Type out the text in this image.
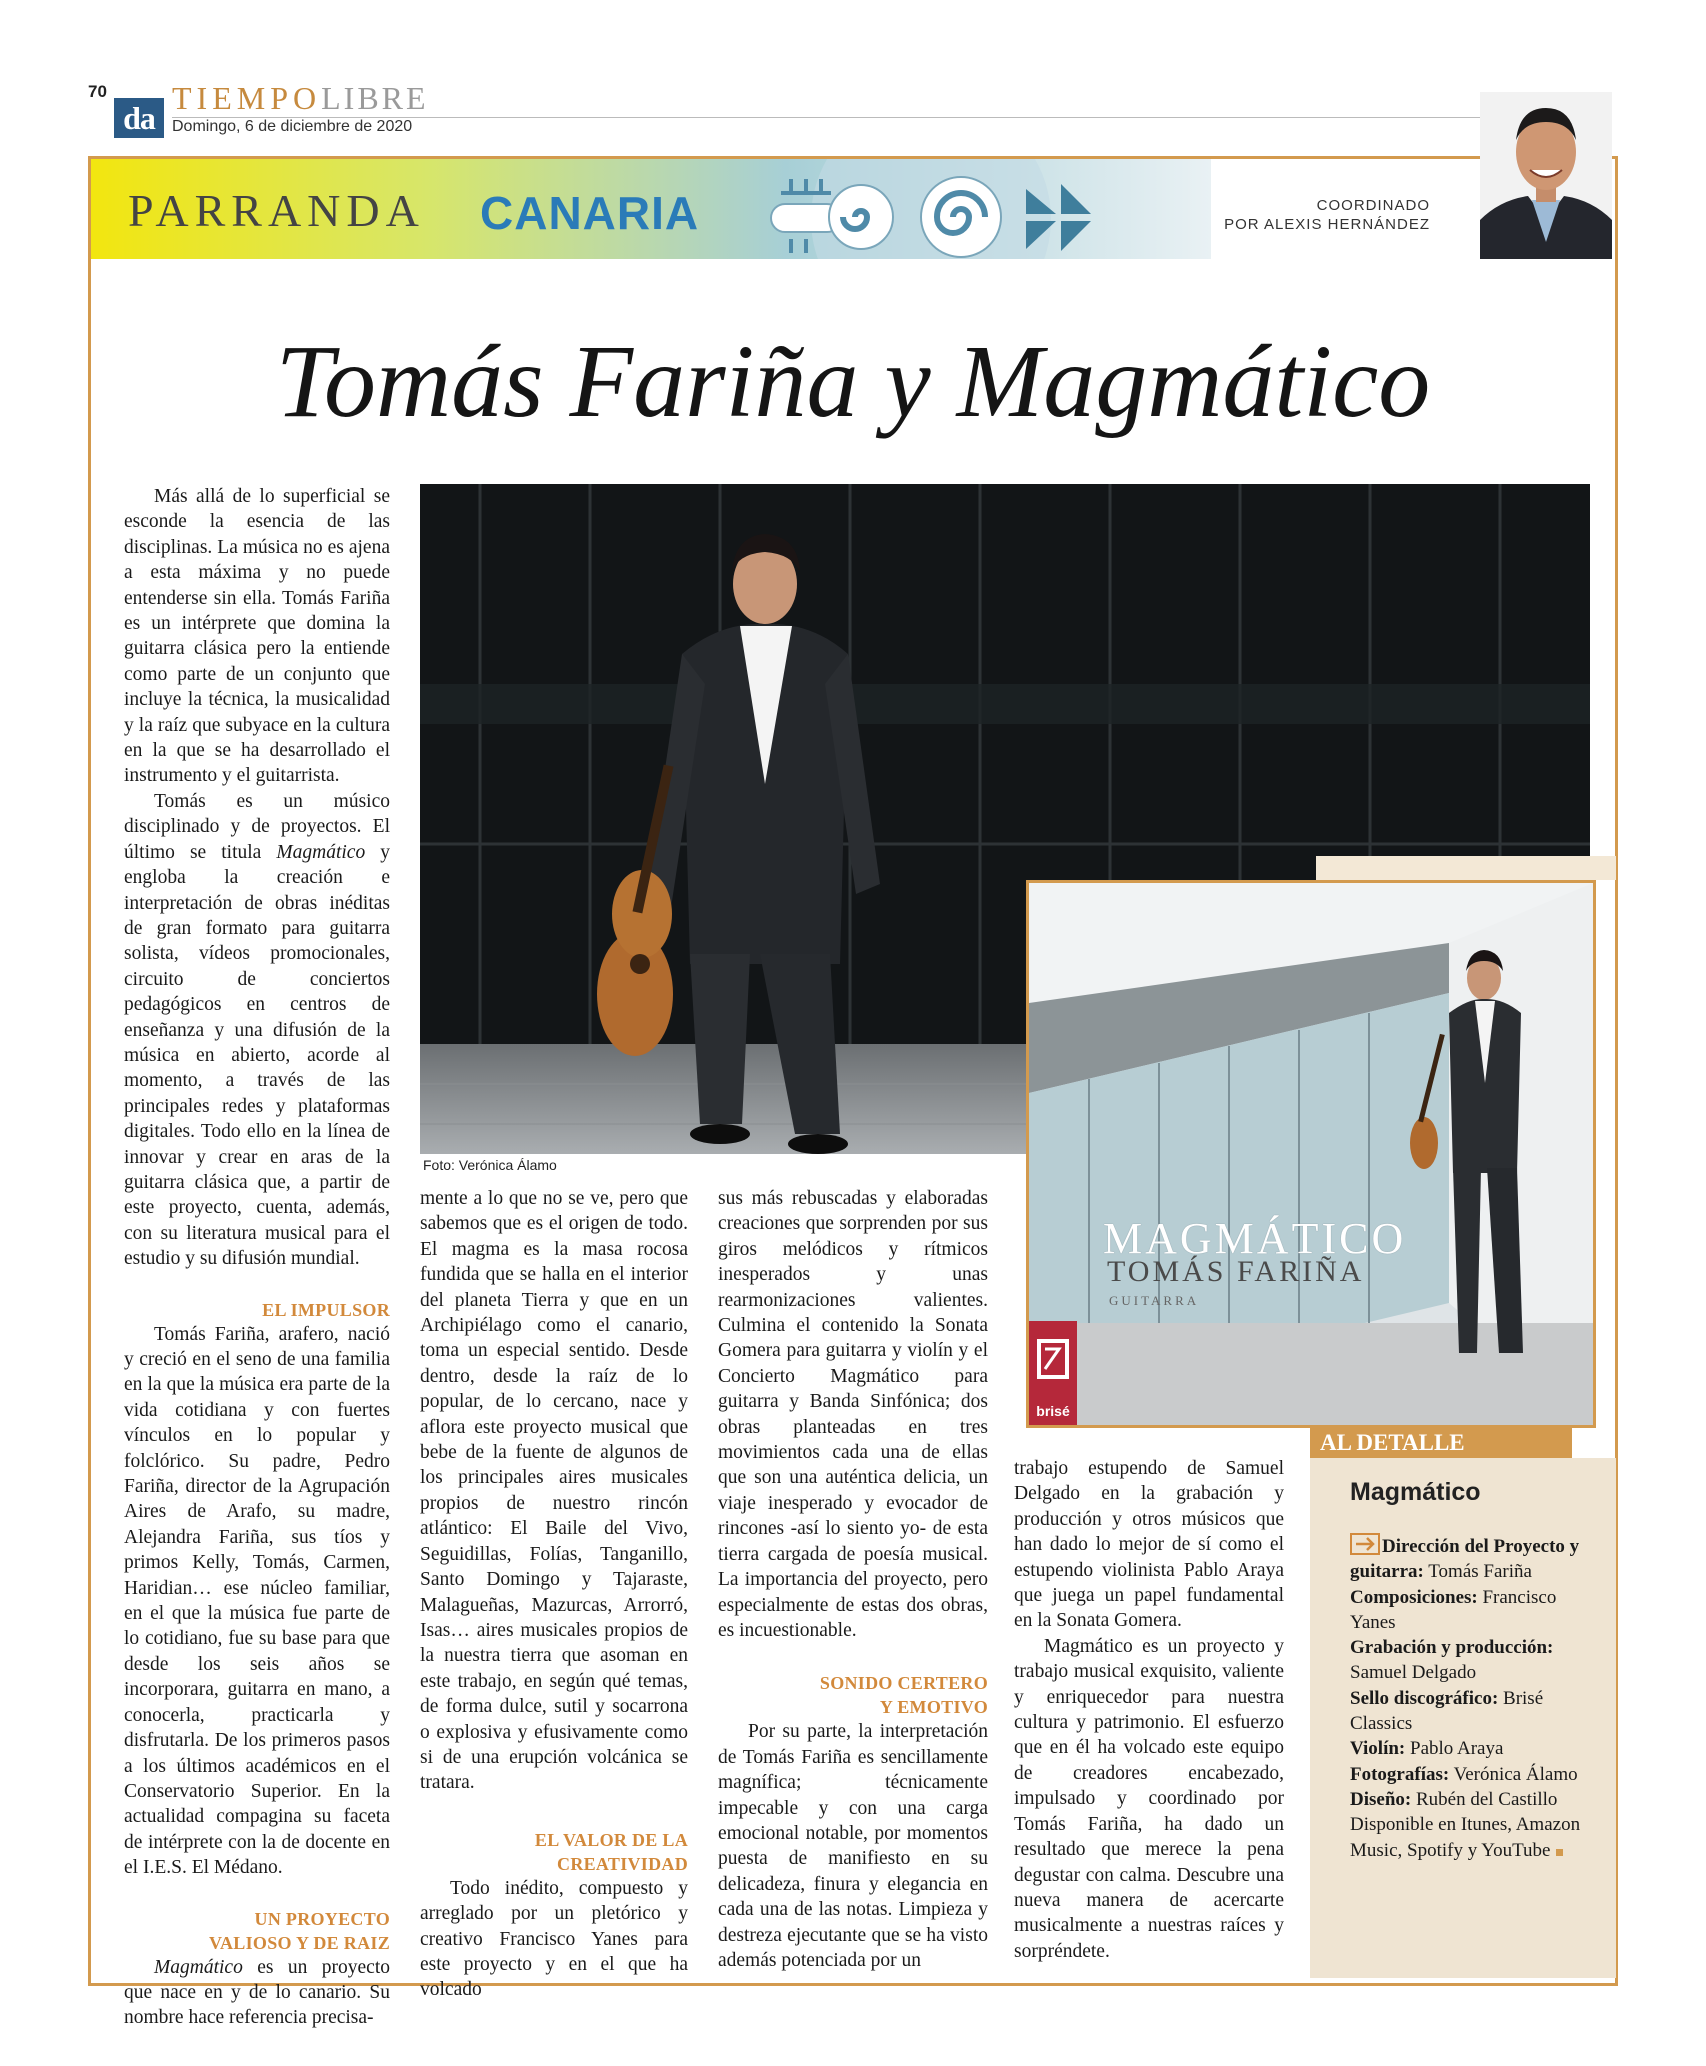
70
da
TIEMPOLIBRE
Domingo, 6 de diciembre de 2020
PARRANDA CANARIA	COORDINADO
POR ALEXIS HERNÁNDEZ
Tomás Fariña y Magmático
Foto: Verónica Álamo
MAGMÁTICO
TOMÁS FARIÑA
GUITARRA
brisé

Más allá de lo superficial se esconde la esencia de las disciplinas. La música no es ajena a esta máxima y no puede entenderse sin ella. Tomás Fariña es un intérprete que domina la guitarra clásica pero la entiende como parte de un conjunto que incluye la técnica, la musicalidad y la raíz que subyace en la cultura en la que se ha desarrollado el instrumento y el guitarrista.

Tomás es un músico disciplinado y de proyectos. El último se titula Magmático y engloba la creación e interpretación de obras inéditas de gran formato para guitarra solista, vídeos promocionales, circuito de conciertos pedagógicos en centros de enseñanza y una difusión de la música en abierto, acorde al momento, a través de las principales redes y plataformas digitales. Todo ello en la línea de innovar y crear en aras de la guitarra clásica que, a partir de este proyecto, cuenta, además, con su literatura musical para el estudio y su difusión mundial.

EL IMPULSOR

Tomás Fariña, arafero, nació y creció en el seno de una familia en la que la música era parte de la vida cotidiana y con fuertes vínculos en lo popular y folclórico. Su padre, Pedro Fariña, director de la Agrupación Aires de Arafo, su madre, Alejandra Fariña, sus tíos y primos Kelly, Tomás, Carmen, Haridian… ese núcleo familiar, en el que la música fue parte de lo cotidiano, fue su base para que desde los seis años se incorporara, guitarra en mano, a conocerla, practicarla y disfrutarla. De los primeros pasos a los últimos académicos en el Conservatorio Superior. En la actualidad compagina su faceta de intérprete con la de docente en el I.E.S. El Médano.

UN PROYECTO
VALIOSO Y DE RAIZ

Magmático es un proyecto que nace en y de lo canario. Su nombre hace referencia precisa-

mente a lo que no se ve, pero que sabemos que es el origen de todo. El magma es la masa rocosa fundida que se halla en el interior del planeta Tierra y que en un Archipiélago como el canario, toma un especial sentido. Desde dentro, desde la raíz de lo popular, de lo cercano, nace y aflora este proyecto musical que bebe de la fuente de algunos de los principales aires musicales propios de nuestro rincón atlántico: El Baile del Vivo, Seguidillas, Folías, Tanganillo, Santo Domingo y Tajaraste, Malagueñas, Mazurcas, Arrorró, Isas… aires musicales propios de la nuestra tierra que asoman en este trabajo, en según qué temas, de forma dulce, sutil y socarrona o explosiva y efusivamente como si de una erupción volcánica se tratara.

EL VALOR DE LA
CREATIVIDAD

Todo inédito, compuesto y arreglado por un pletórico y creativo Francisco Yanes para este proyecto y en el que ha volcado

sus más rebuscadas y elaboradas creaciones que sorprenden por sus giros melódicos y rítmicos inesperados y unas rearmonizaciones valientes. Culmina el contenido la Sonata Gomera para guitarra y violín y el Concierto Magmático para guitarra y Banda Sinfónica; dos obras planteadas en tres movimientos cada una de ellas que son una auténtica delicia, un viaje inesperado y evocador de rincones -así lo siento yo- de esta tierra cargada de poesía musical. La importancia del proyecto, pero especialmente de estas dos obras, es incuestionable.

SONIDO CERTERO
Y EMOTIVO

Por su parte, la interpretación de Tomás Fariña es sencillamente magnífica; técnicamente impecable y con una carga emocional notable, por momentos puesta de manifiesto en su delicadeza, finura y elegancia en cada una de las notas. Limpieza y destreza ejecutante que se ha visto además potenciada por un

trabajo estupendo de Samuel Delgado en la grabación y producción y otros músicos que han dado lo mejor de sí como el estupendo violinista Pablo Araya que juega un papel fundamental en la Sonata Gomera.

Magmático es un proyecto y trabajo musical exquisito, valiente y enriquecedor para nuestra cultura y patrimonio. El esfuerzo que en él ha volcado este equipo de creadores encabezado, impulsado y coordinado por Tomás Fariña, ha dado un resultado que merece la pena degustar con calma. Descubre una nueva manera de acercarte musicalmente a nuestras raíces y sorpréndete.

AL DETALLE
Magmático
Dirección del Proyecto y guitarra: Tomás Fariña
Composiciones: Francisco Yanes
Grabación y producción: Samuel Delgado
Sello discográfico: Brisé Classics
Violín: Pablo Araya
Fotografías: Verónica Álamo
Diseño: Rubén del Castillo
Disponible en Itunes, Amazon Music, Spotify y YouTube
